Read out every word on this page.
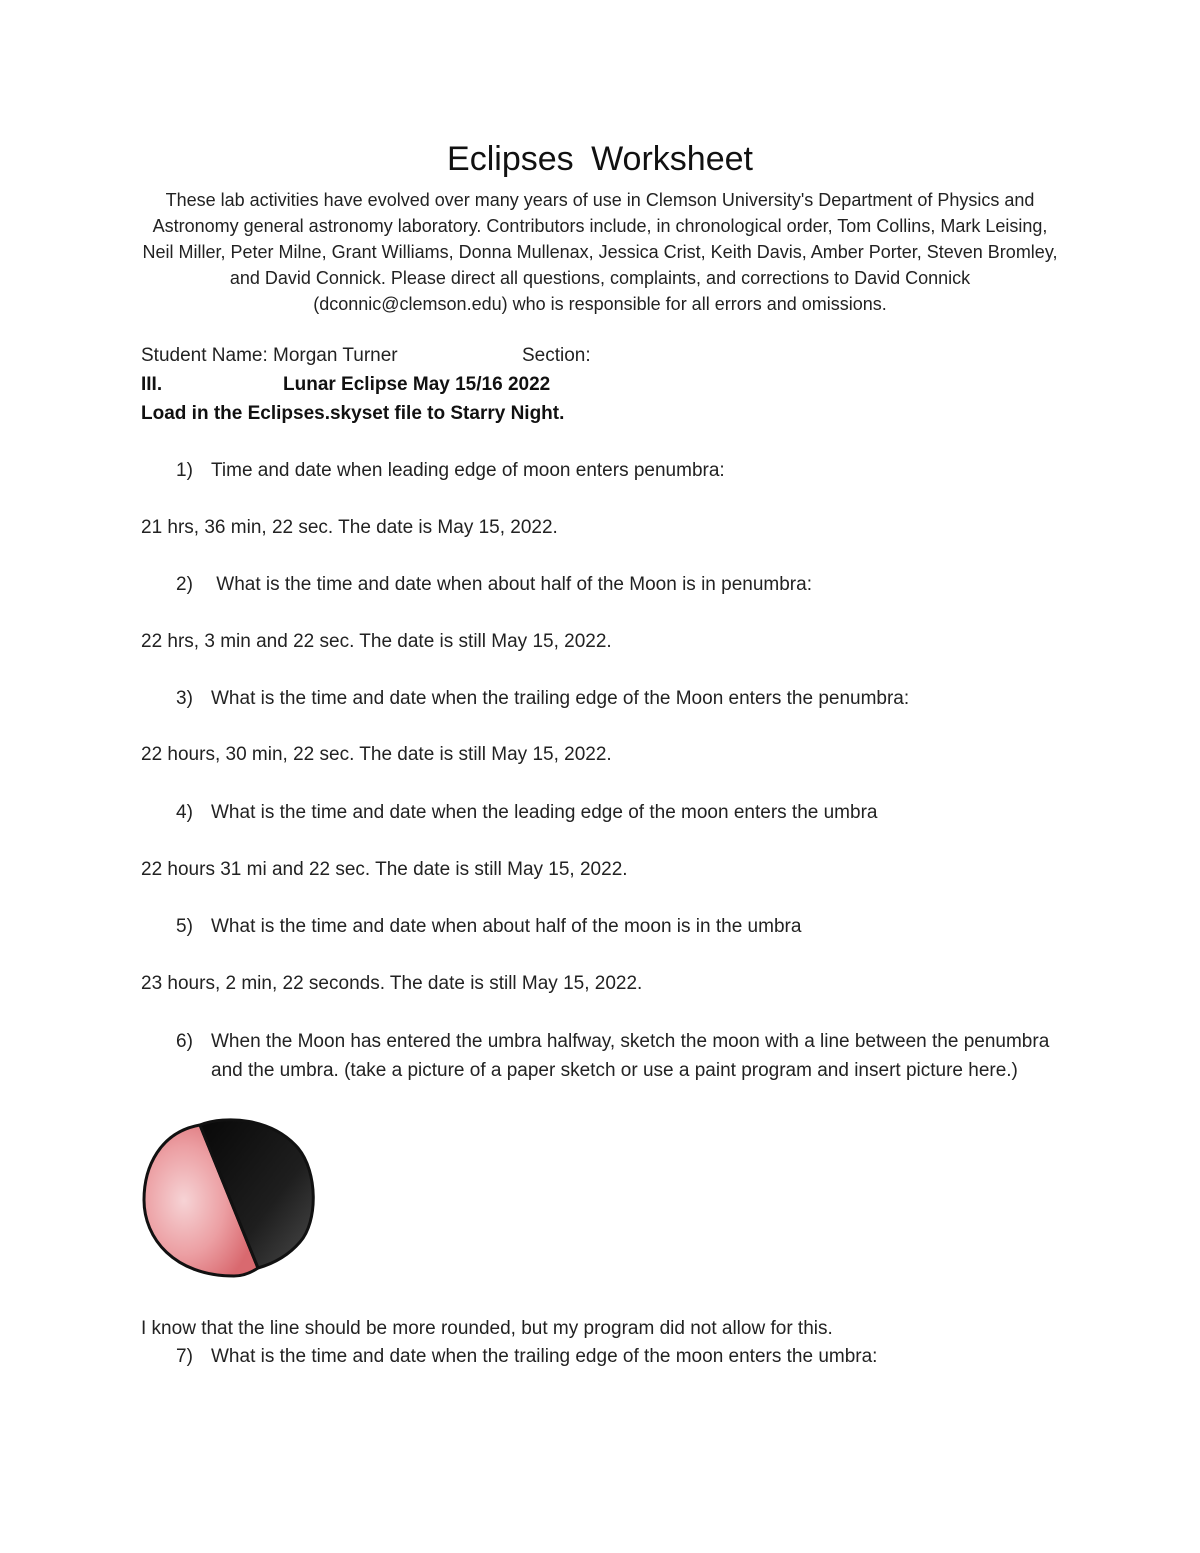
Eclipses Worksheet
These lab activities have evolved over many years of use in Clemson University's Department of Physics and Astronomy general astronomy laboratory. Contributors include, in chronological order, Tom Collins, Mark Leising, Neil Miller, Peter Milne, Grant Williams, Donna Mullenax, Jessica Crist, Keith Davis, Amber Porter, Steven Bromley, and David Connick. Please direct all questions, complaints, and corrections to David Connick (dconnic@clemson.edu) who is responsible for all errors and omissions.
Student Name: Morgan Turner	Section:
III.	Lunar Eclipse May 15/16 2022
Load in the Eclipses.skyset file to Starry Night.
1) Time and date when leading edge of moon enters penumbra:
21 hrs, 36 min, 22 sec. The date is May 15, 2022.
2) What is the time and date when about half of the Moon is in penumbra:
22 hrs, 3 min and 22 sec. The date is still May 15, 2022.
3) What is the time and date when the trailing edge of the Moon enters the penumbra:
22 hours, 30 min, 22 sec. The date is still May 15, 2022.
4) What is the time and date when the leading edge of the moon enters the umbra
22 hours 31 mi and 22 sec. The date is still May 15, 2022.
5) What is the time and date when about half of the moon is in the umbra
23 hours, 2 min, 22 seconds. The date is still May 15, 2022.
6) When the Moon has entered the umbra halfway, sketch the moon with a line between the penumbra and the umbra. (take a picture of a paper sketch or use a paint program and insert picture here.)
I know that the line should be more rounded, but my program did not allow for this.
7) What is the time and date when the trailing edge of the moon enters the umbra:
